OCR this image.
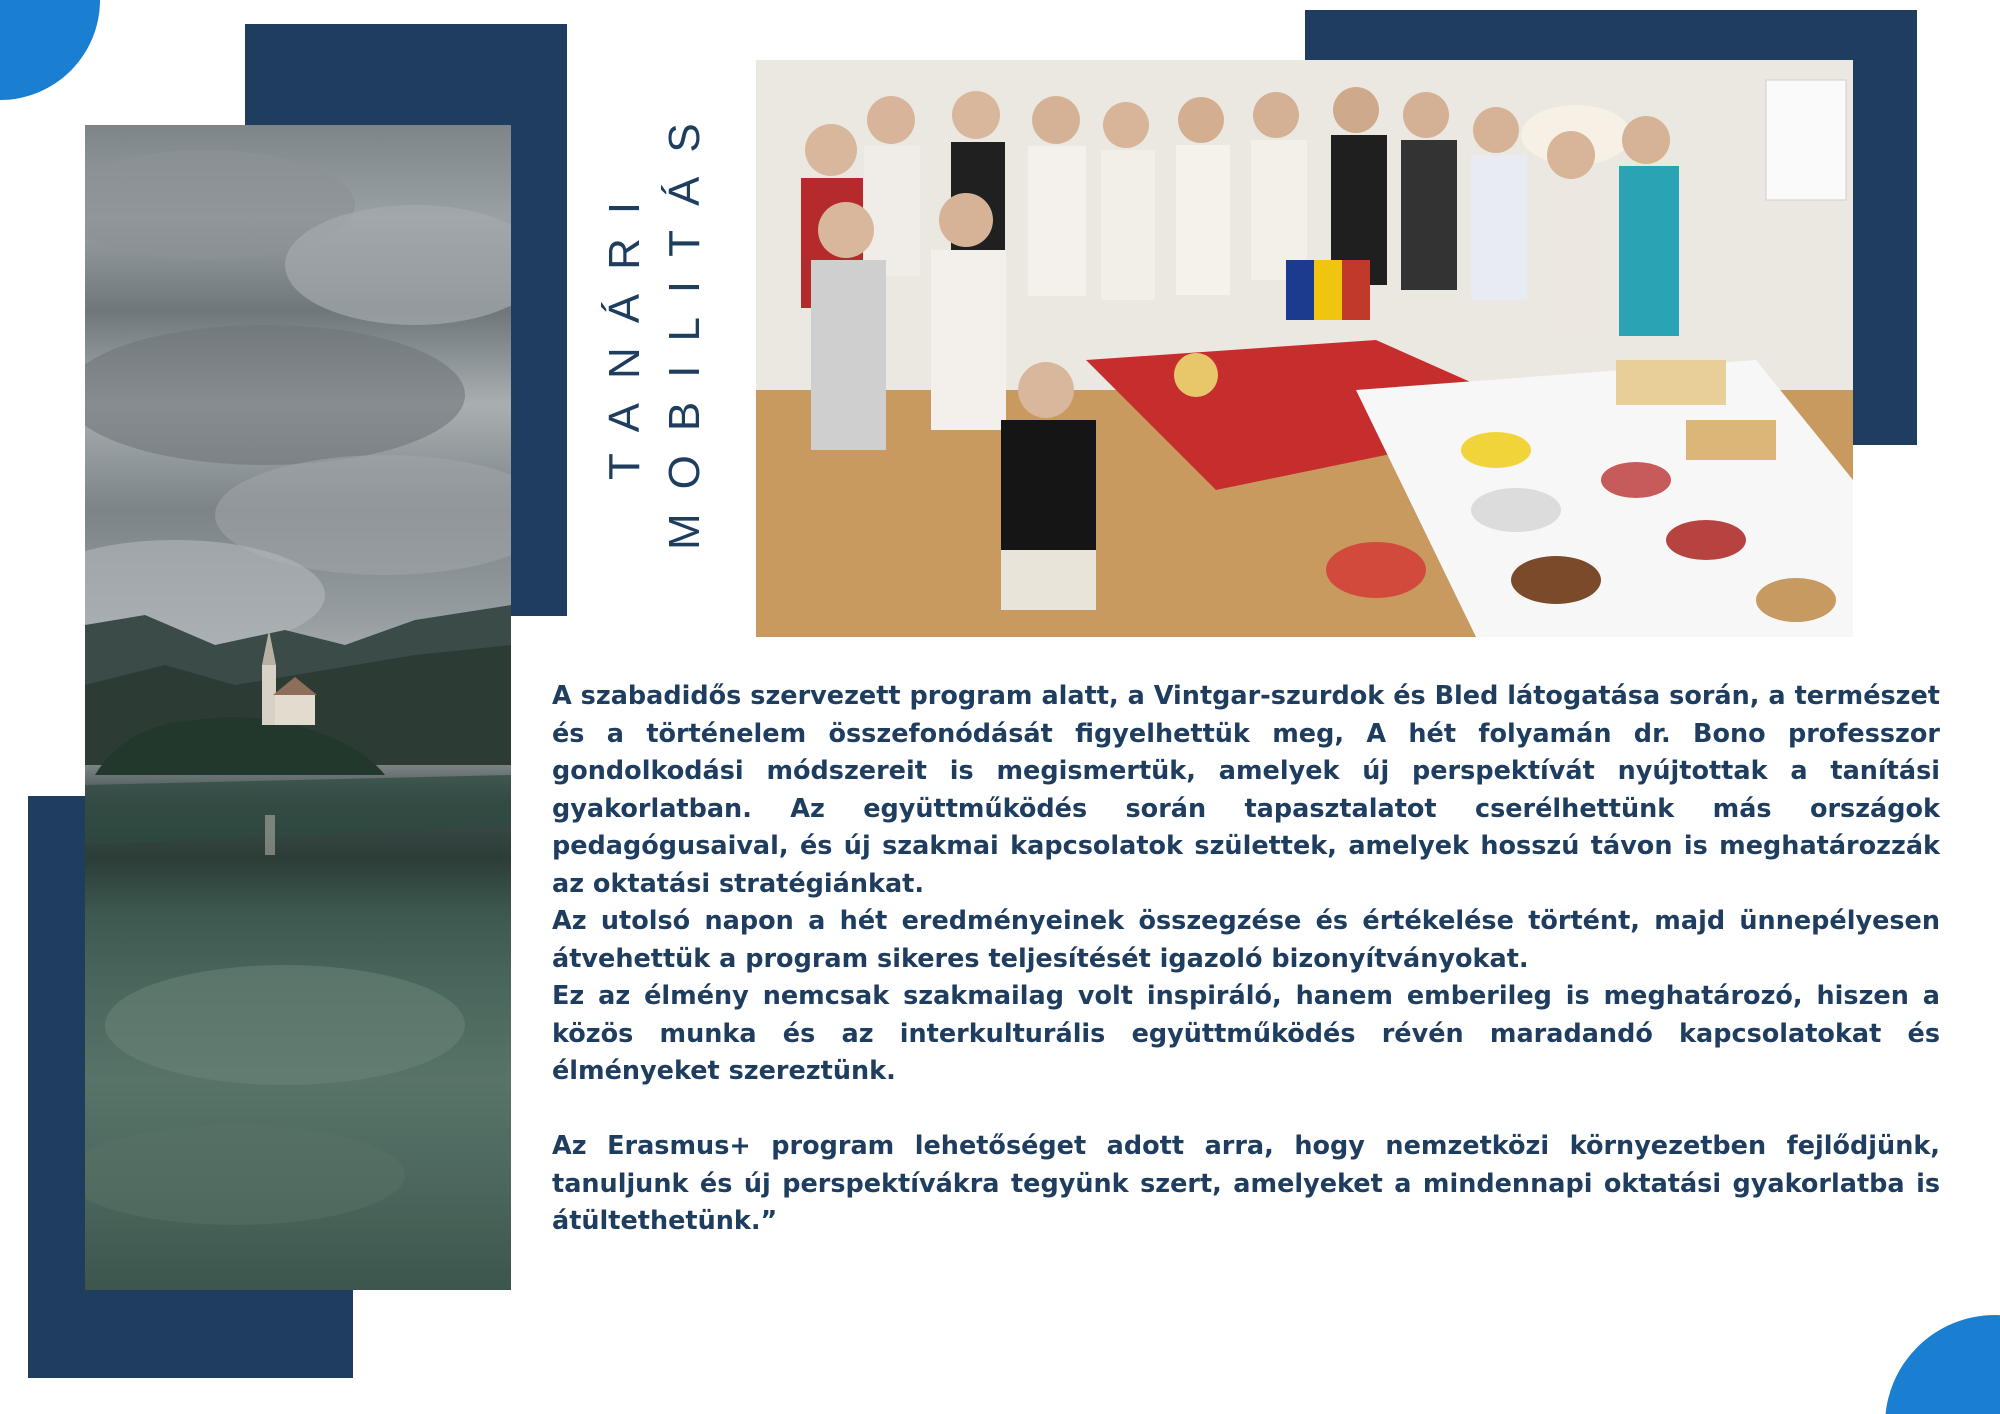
TANÁRI MOBILITÁS

A szabadidős szervezett program alatt, a Vintgar-szurdok és Bled látogatása során, a természet és a történelem összefonódását figyelhettük meg, A hét folyamán dr. Bono professzor gondolkodási módszereit is megismertük, amelyek új perspektívát nyújtottak a tanítási gyakorlatban. Az együttműködés során tapasztalatot cserélhettünk más országok pedagógusaival, és új szakmai kapcsolatok születtek, amelyek hosszú távon is meghatározzák az oktatási stratégiánkat.

Az utolsó napon a hét eredményeinek összegzése és értékelése történt, majd ünnepélyesen átvehettük a program sikeres teljesítését igazoló bizonyítványokat.

Ez az élmény nemcsak szakmailag volt inspiráló, hanem emberileg is meghatározó, hiszen a közös munka és az interkulturális együttműködés révén maradandó kapcsolatokat és élményeket szereztünk.

Az Erasmus+ program lehetőséget adott arra, hogy nemzetközi környezetben fejlődjünk, tanuljunk és új perspektívákra tegyünk szert, amelyeket a mindennapi oktatási gyakorlatba is átültethetünk.”
